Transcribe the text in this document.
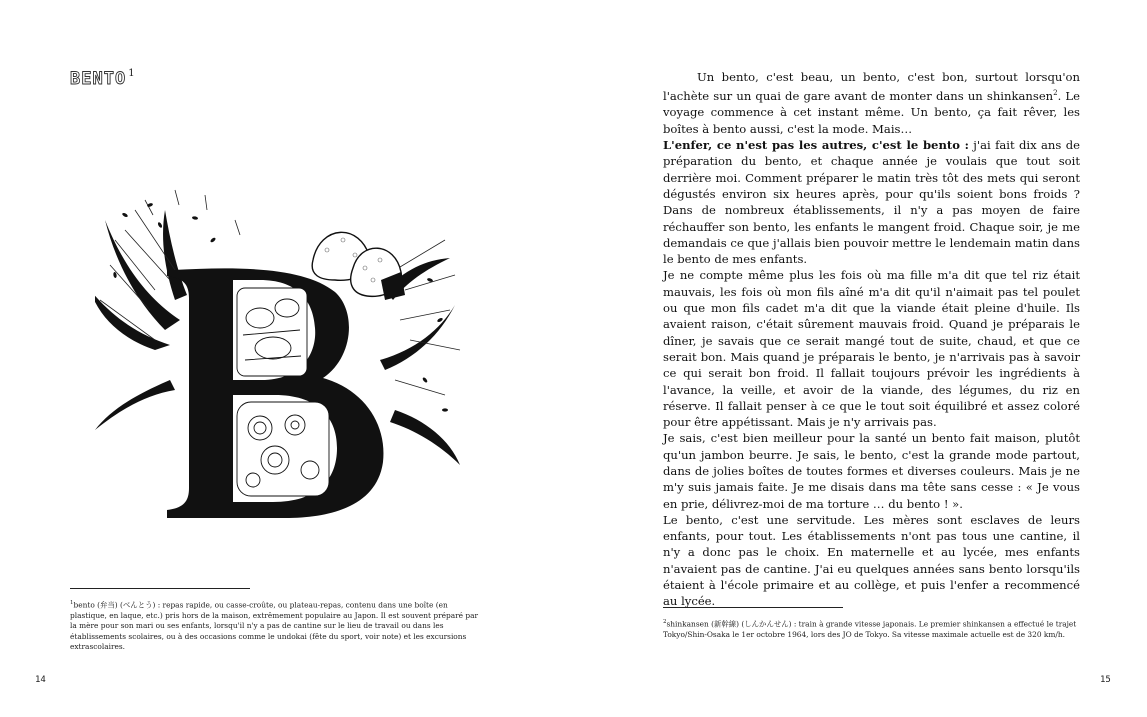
BENTO $^1$
$^1$bento (弁当) (べんとう) : repas rapide, ou casse-croûte, ou plateau-repas, contenu dans une boîte (en plastique, en laque, etc.) pris hors de la maison, extrêmement populaire au Japon. Il est souvent préparé par la mère pour son mari ou ses enfants, lorsqu'il n'y a pas de cantine sur le lieu de travail ou dans les établissements scolaires, ou à des occasions comme le undokai (fête du sport, voir note) et les excursions extrascolaires.
14

Un bento, c'est beau, un bento, c'est bon, surtout lorsqu'on l'achète sur un quai de gare avant de monter dans un shinkansen$^2$. Le voyage commence à cet instant même. Un bento, ça fait rêver, les boîtes à bento aussi, c'est la mode. Mais…

L'enfer, ce n'est pas les autres, c'est le bento : j'ai fait dix ans de préparation du bento, et chaque année je voulais que tout soit derrière moi. Comment préparer le matin très tôt des mets qui seront dégustés environ six heures après, pour qu'ils soient bons froids ? Dans de nombreux établissements, il n'y a pas moyen de faire réchauffer son bento, les enfants le mangent froid. Chaque soir, je me demandais ce que j'allais bien pouvoir mettre le lendemain matin dans le bento de mes enfants.

Je ne compte même plus les fois où ma fille m'a dit que tel riz était mauvais, les fois où mon fils aîné m'a dit qu'il n'aimait pas tel poulet ou que mon fils cadet m'a dit que la viande était pleine d'huile. Ils avaient raison, c'était sûrement mauvais froid. Quand je préparais le dîner, je savais que ce serait mangé tout de suite, chaud, et que ce serait bon. Mais quand je préparais le bento, je n'arrivais pas à savoir ce qui serait bon froid. Il fallait toujours prévoir les ingrédients à l'avance, la veille, et avoir de la viande, des légumes, du riz en réserve. Il fallait penser à ce que le tout soit équilibré et assez coloré pour être appétissant. Mais je n'y arrivais pas.

Je sais, c'est bien meilleur pour la santé un bento fait maison, plutôt qu'un jambon beurre. Je sais, le bento, c'est la grande mode partout, dans de jolies boîtes de toutes formes et diverses couleurs. Mais je ne m'y suis jamais faite. Je me disais dans ma tête sans cesse : « Je vous en prie, délivrez-moi de ma torture … du bento ! ».

Le bento, c'est une servitude. Les mères sont esclaves de leurs enfants, pour tout. Les établissements n'ont pas tous une cantine, il n'y a donc pas le choix. En maternelle et au lycée, mes enfants n'avaient pas de cantine. J'ai eu quelques années sans bento lorsqu'ils étaient à l'école primaire et au collège, et puis l'enfer a recommencé au lycée.

$^2$shinkansen (新幹線) (しんかんせん) : train à grande vitesse japonais. Le premier shinkansen a effectué le trajet Tokyo/Shin-Osaka le 1er octobre 1964, lors des JO de Tokyo. Sa vitesse maximale actuelle est de 320 km/h.
15
